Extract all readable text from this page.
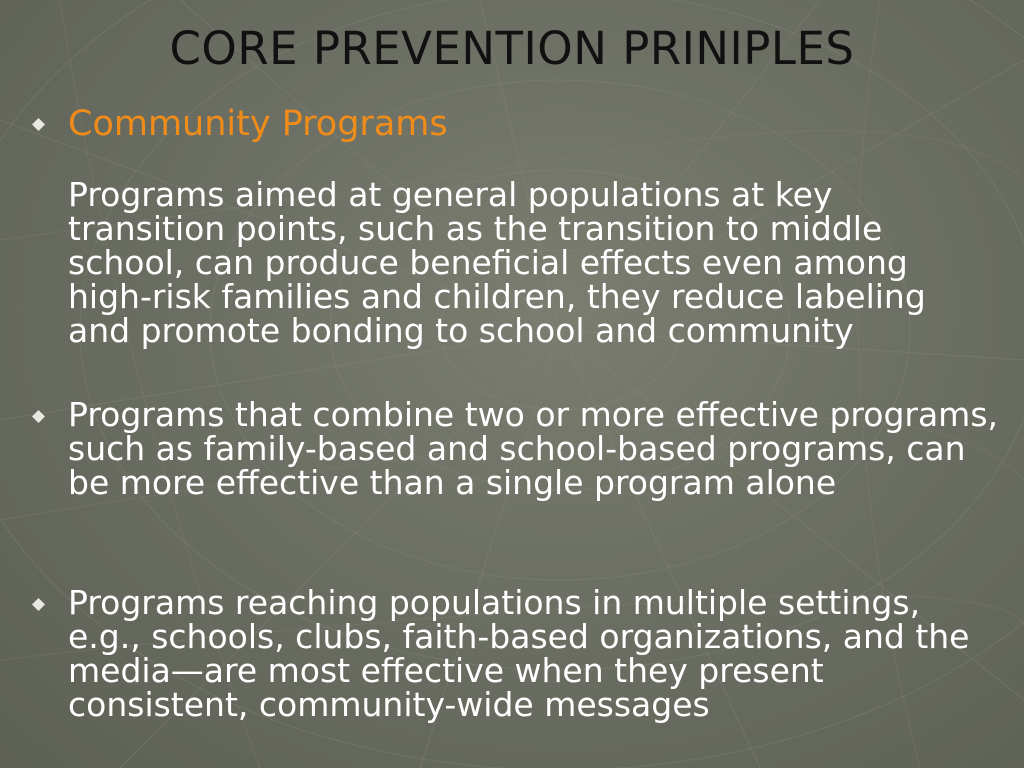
CORE PREVENTION PRINIPLES
Community Programs
Programs aimed at general populations at key transition points, such as the transition to middle school, can produce beneficial effects even among high-risk families and children, they reduce labeling and promote bonding to school and community
Programs that combine two or more effective programs, such as family-based and school-based programs, can be more effective than a single program alone
Programs reaching populations in multiple settings, e.g., schools, clubs, faith-based organizations, and the media—are most effective when they present consistent, community-wide messages
